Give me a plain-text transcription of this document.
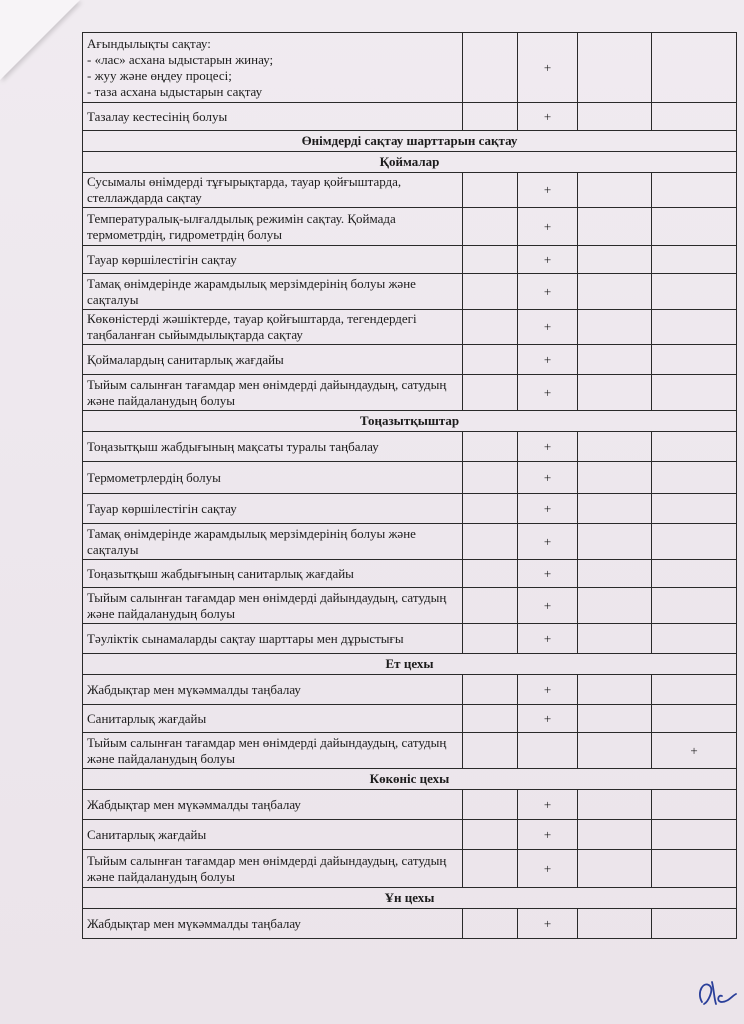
Ағындылықты сақтау:
- «лас» асхана ыдыстарын жинау;
- жуу және өңдеу процесі;
- таза асхана ыдыстарын сақтау		+		
Тазалау кестесінің болуы		+		
Өнімдерді сақтау шарттарын сақтау				
Қоймалар				
Сусымалы өнімдерді тұғырықтарда, тауар қойғыштарда, стеллаждарда сақтау		+		
Температуралық-ылғалдылық режимін сақтау. Қоймада термометрдің, гидрометрдің болуы		+		
Тауар көршілестігін сақтау		+		
Тамақ өнімдерінде жарамдылық мерзімдерінің болуы және сақталуы		+		
Көкөністерді жәшіктерде, тауар қойғыштарда, тегендердегі таңбаланған сыйымдылықтарда сақтау		+		
Қоймалардың санитарлық жағдайы		+		
Тыйым салынған тағамдар мен өнімдерді дайындаудың, сатудың және пайдаланудың болуы		+		
Тоңазытқыштар				
Тоңазытқыш жабдығының мақсаты туралы таңбалау		+		
Термометрлердің болуы		+		
Тауар көршілестігін сақтау		+		
Тамақ өнімдерінде жарамдылық мерзімдерінің болуы және сақталуы		+		
Тоңазытқыш жабдығының санитарлық жағдайы		+		
Тыйым салынған тағамдар мен өнімдерді дайындаудың, сатудың және пайдаланудың болуы		+		
Тәуліктік сынамаларды сақтау шарттары мен дұрыстығы		+		
Ет цехы				
Жабдықтар мен мүкәммалды таңбалау		+		
Санитарлық жағдайы		+		
Тыйым салынған тағамдар мен өнімдерді дайындаудың, сатудың және пайдаланудың болуы				+
Көкөніс цехы				
Жабдықтар мен мүкәммалды таңбалау		+		
Санитарлық жағдайы		+		
Тыйым салынған тағамдар мен өнімдерді дайындаудың, сатудың және пайдаланудың болуы		+		
Ұн цехы				
Жабдықтар мен мүкәммалды таңбалау		+		
